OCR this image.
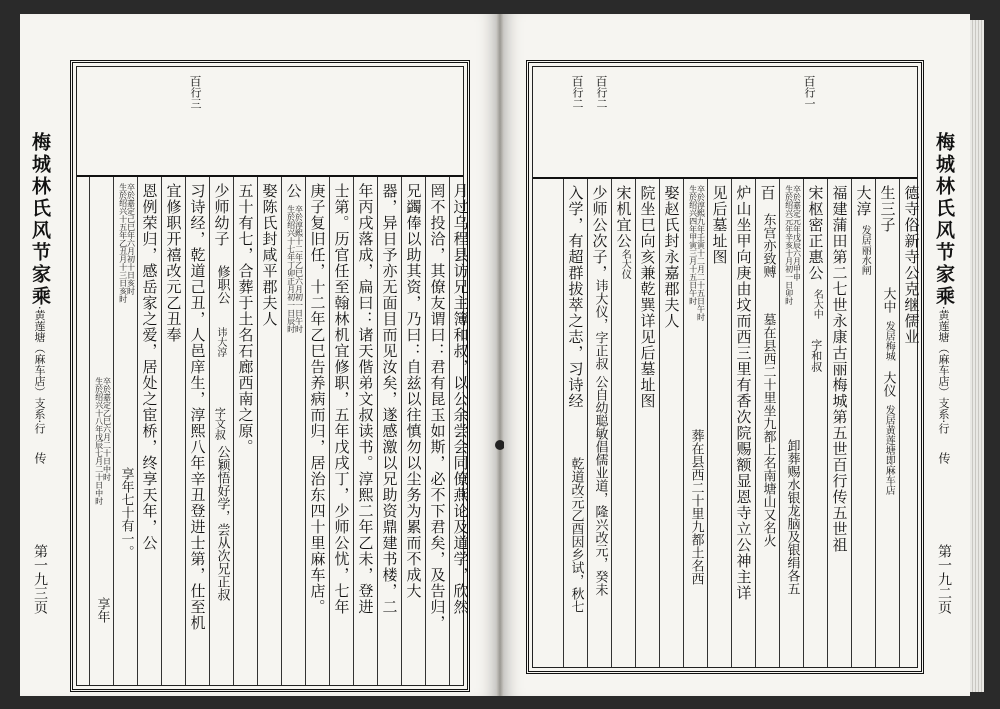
梅城林氏风节家乘
·黄莲塘（麻车店）支系·行
传
第一九三页
百行三
月过乌程县访兄主簿和叔，以公余尝会同僚燕论及道学，欣然
罔不投洽，其僚友谓曰：君有昆玉如斯，必不下君矣，及告归，
兄蠲俸以助其资，乃曰：自兹以往慎勿以尘务为累而不成大
器，异日予亦无面目而见汝矣，遂感激以兄助资鼎建书楼，二
年丙戌落成，扁曰：诸天偕弟文叔读书。淳熙二年乙未，登进
士第。历官任至翰林机宜修职，五年戊戌丁，少师公忧，七年
庚子复旧任，十二年乙巳告养病而归，居治东四十里麻车店。
公
生於绍兴十七年丁卯正月初一日辰时
卒於淳熙十二年乙巳六月初一日午时
娶陈氏封咸平郡夫人
五十有七，合葬于土名石廊西南之原。
少师幼子
修职公
讳大淳
字文叔
公颖悟好学，尝从次兄正叔
习诗经，乾道己丑，人邑庠生，淳熙八年辛丑登进士第，仕至机
宜修职开禧改元乙丑奉
恩例荣归，感岳家之爱，居处之宦桥，终享天年，公
生於绍兴十五年乙丑月十三日亥时
卒於嘉定己巳年六月初十日亥时
享年七十有一。
生於绍兴十八年戊辰七月二十日中时
卒於嘉定乙巳六月二十日中时
享年
百行一
百行二
百行二
德寺俗新寺公克继儒业
生三子
大中
发居梅城
大仪
发居黄莲塘即麻车店
大淳
发居丽水闸
福建蒲田第二七世永康古丽梅城第五世百行传五世祖
宋枢密正惠公
名大中
字和叔
生於绍兴元年辛亥十月初一日卯时
卒於嘉定元年戊辰六月甲申
卸葬赐水银龙脑及银绢各五
百
东宫亦致赙
墓在县西二十里坐九都上名南塘山又名火
炉山坐甲向庚由坟而西三里有香次院赐额显恩寺立公神主详
见后墓址图
生於绍兴四年甲寅三月十五日午时
卒於淳熙九年壬寅十二月二十五日午时
葬在县西二十里九都土名西
娶赵氏封永嘉郡夫人
院坐巳向亥兼乾巽详见后墓址图
宋机宜公
名大仪
少师公次子，
讳大仪，字正叔
公自幼聪敏倡儒业道，隆兴改元，癸未
入学，有超群拔萃之志，习诗经
乾道改元乙酉因乡试，秋七
梅城林氏风节家乘
·黄莲塘（麻车店）支系·行
传
第一九二页
